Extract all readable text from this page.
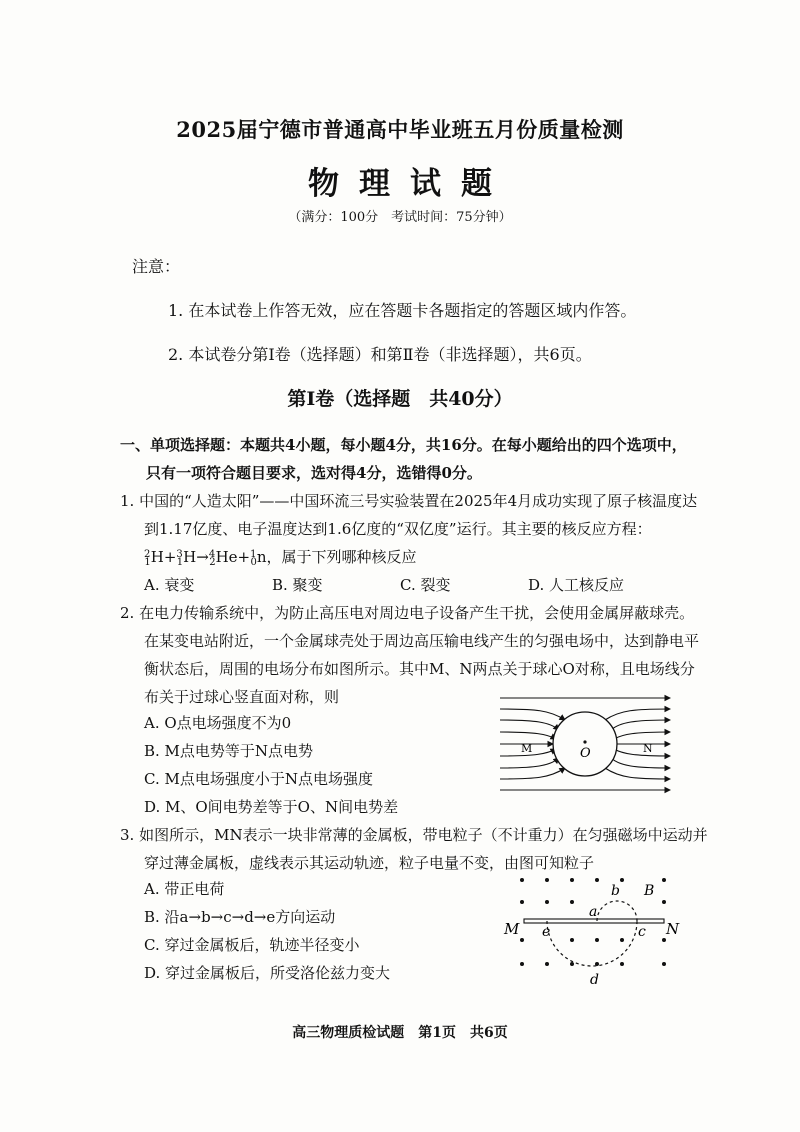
2025届宁德市普通高中毕业班五月份质量检测
物理试题
（满分：100分　考试时间：75分钟）
注意：
1. 在本试卷上作答无效，应在答题卡各题指定的答题区域内作答。
2. 本试卷分第Ⅰ卷（选择题）和第Ⅱ卷（非选择题），共6页。
第Ⅰ卷（选择题　共40分）
一、单项选择题：本题共4小题，每小题4分，共16分。在每小题给出的四个选项中，
只有一项符合题目要求，选对得4分，选错得0分。
1. 中国的“人造太阳”——中国环流三号实验装置在2025年4月成功实现了原子核温度达
到1.17亿度、电子温度达到1.6亿度的“双亿度”运行。其主要的核反应方程：
$^2_1$H+$^3_1$H→$^4_2$He+$^1_0$n，属于下列哪种核反应
A. 衰变	B. 聚变	C. 裂变	D. 人工核反应
2. 在电力传输系统中，为防止高压电对周边电子设备产生干扰，会使用金属屏蔽球壳。
在某变电站附近，一个金属球壳处于周边高压输电线产生的匀强电场中，达到静电平
衡状态后，周围的电场分布如图所示。其中M、N两点关于球心O对称，且电场线分
布关于过球心竖直面对称，则
A. O点电场强度不为0
B. M点电势等于N点电势
C. M点电场强度小于N点电场强度
D. M、O间电势差等于O、N间电势差
M	O	N
3. 如图所示，MN表示一块非常薄的金属板，带电粒子（不计重力）在匀强磁场中运动并
穿过薄金属板，虚线表示其运动轨迹，粒子电量不变，由图可知粒子
A. 带正电荷
B. 沿a→b→c→d→e方向运动
C. 穿过金属板后，轨迹半径变小
D. 穿过金属板后，所受洛伦兹力变大
M	N
a
b B
c
d
e
高三物理质检试题　第1页　共6页
